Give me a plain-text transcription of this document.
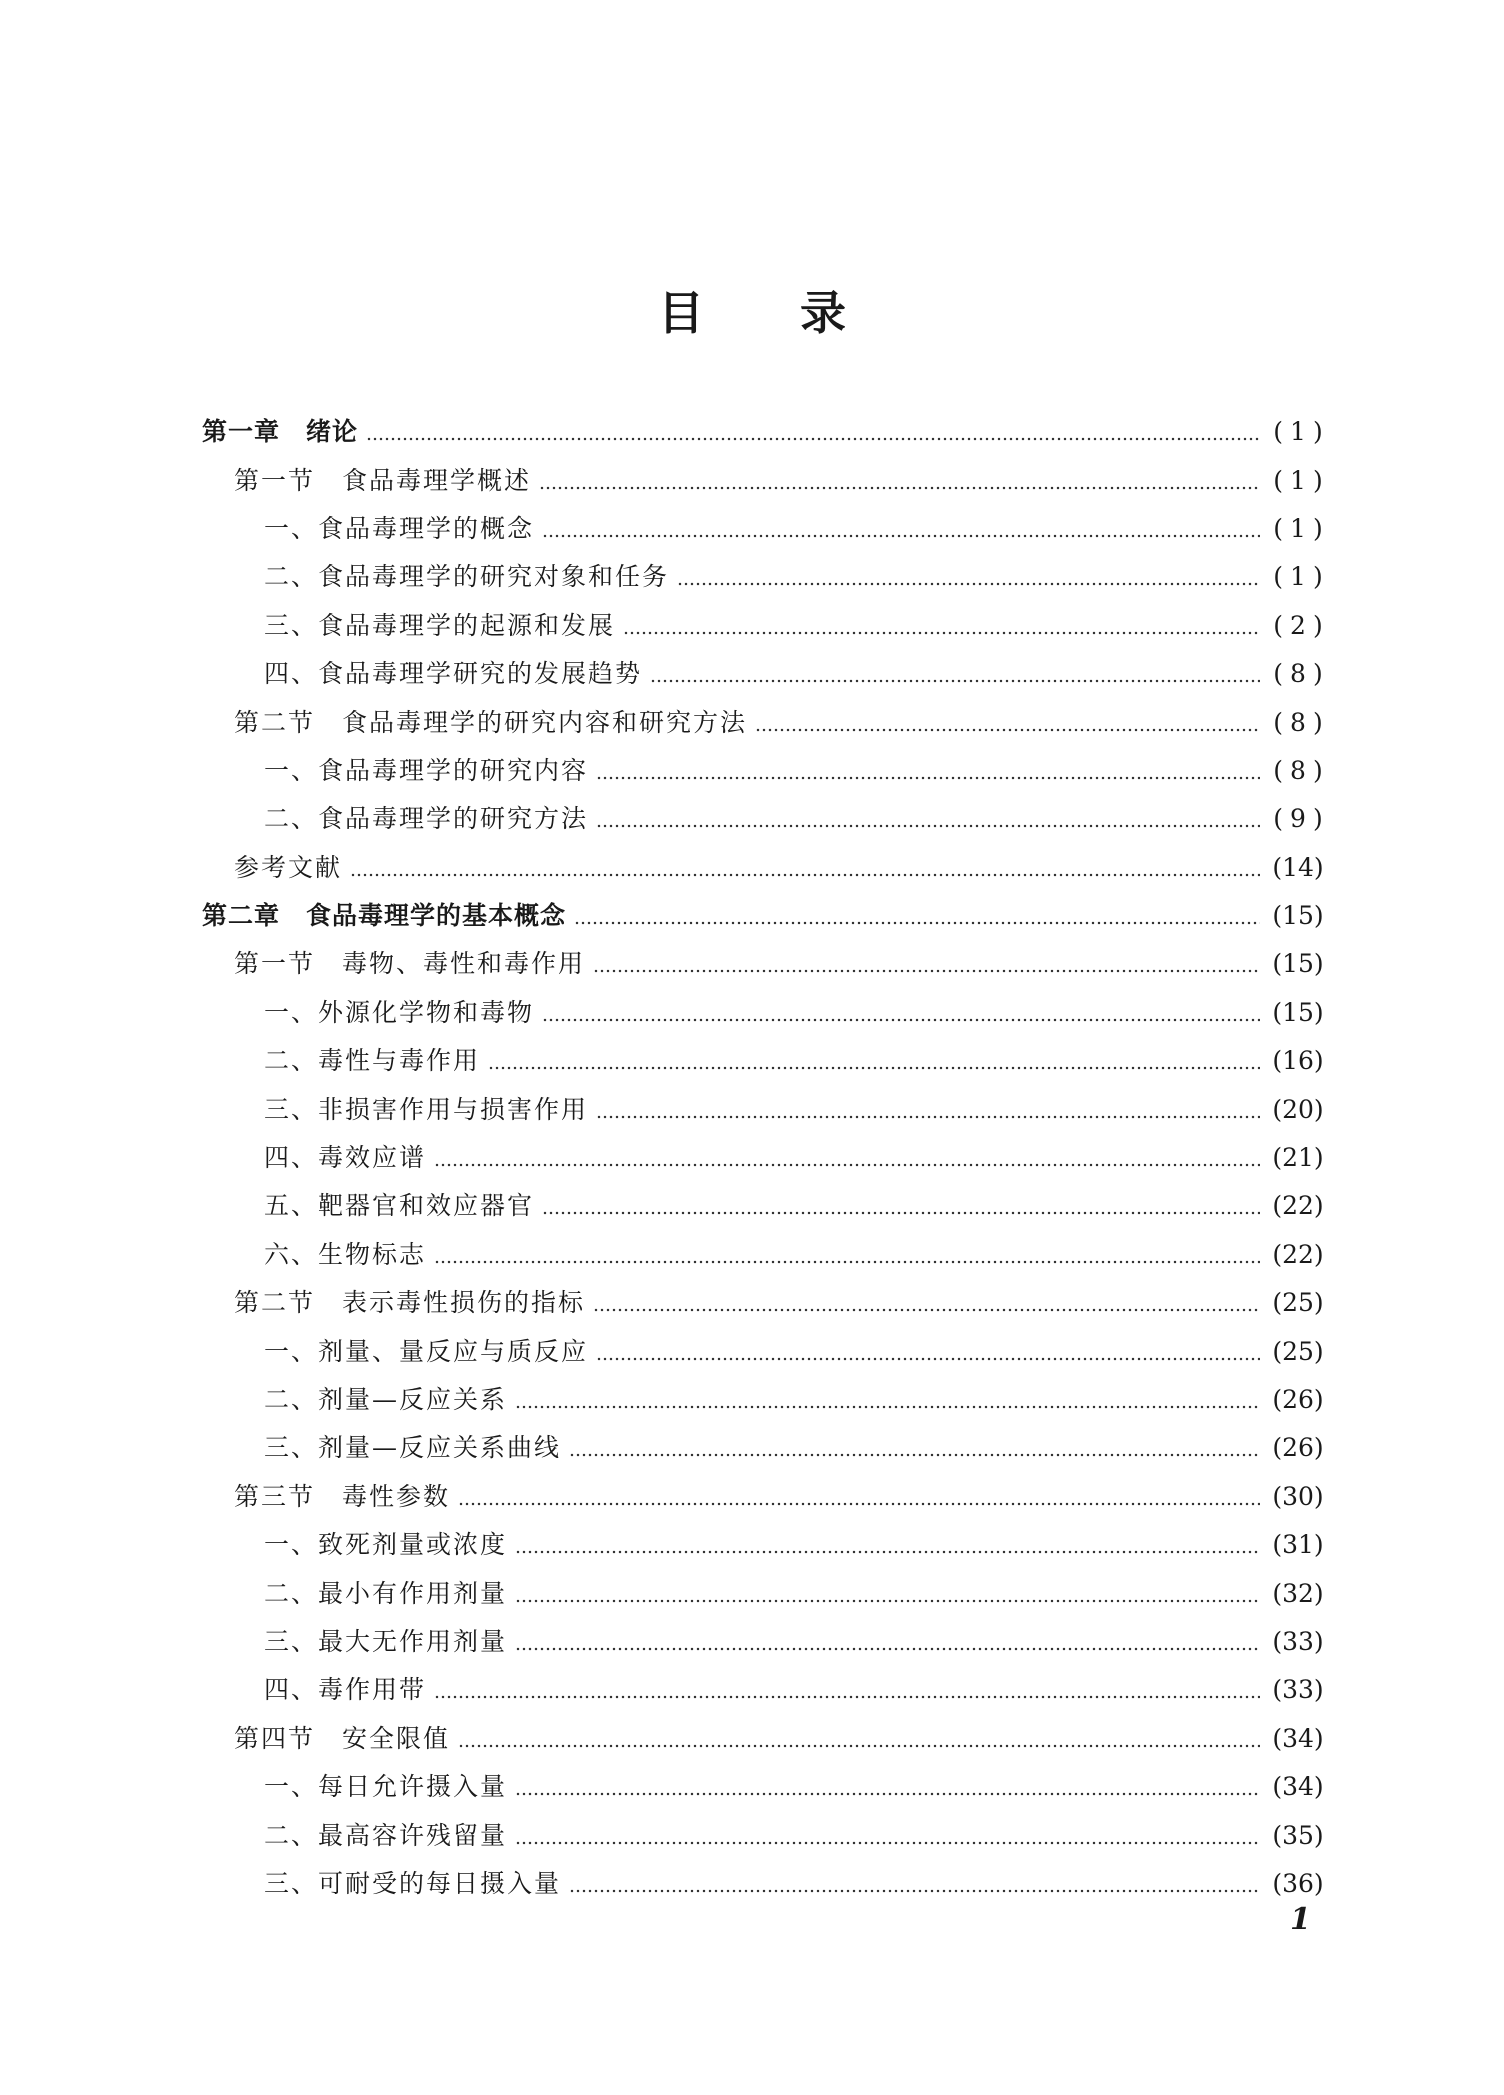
目 录
第一章　绪论	( 1 )
第一节　食品毒理学概述	( 1 )
一、食品毒理学的概念	( 1 )
二、食品毒理学的研究对象和任务	( 1 )
三、食品毒理学的起源和发展	( 2 )
四、食品毒理学研究的发展趋势	( 8 )
第二节　食品毒理学的研究内容和研究方法	( 8 )
一、食品毒理学的研究内容	( 8 )
二、食品毒理学的研究方法	( 9 )
参考文献	(14)
第二章　食品毒理学的基本概念	(15)
第一节　毒物、毒性和毒作用	(15)
一、外源化学物和毒物	(15)
二、毒性与毒作用	(16)
三、非损害作用与损害作用	(20)
四、毒效应谱	(21)
五、靶器官和效应器官	(22)
六、生物标志	(22)
第二节　表示毒性损伤的指标	(25)
一、剂量、量反应与质反应	(25)
二、剂量—反应关系	(26)
三、剂量—反应关系曲线	(26)
第三节　毒性参数	(30)
一、致死剂量或浓度	(31)
二、最小有作用剂量	(32)
三、最大无作用剂量	(33)
四、毒作用带	(33)
第四节　安全限值	(34)
一、每日允许摄入量	(34)
二、最高容许残留量	(35)
三、可耐受的每日摄入量	(36)
1
